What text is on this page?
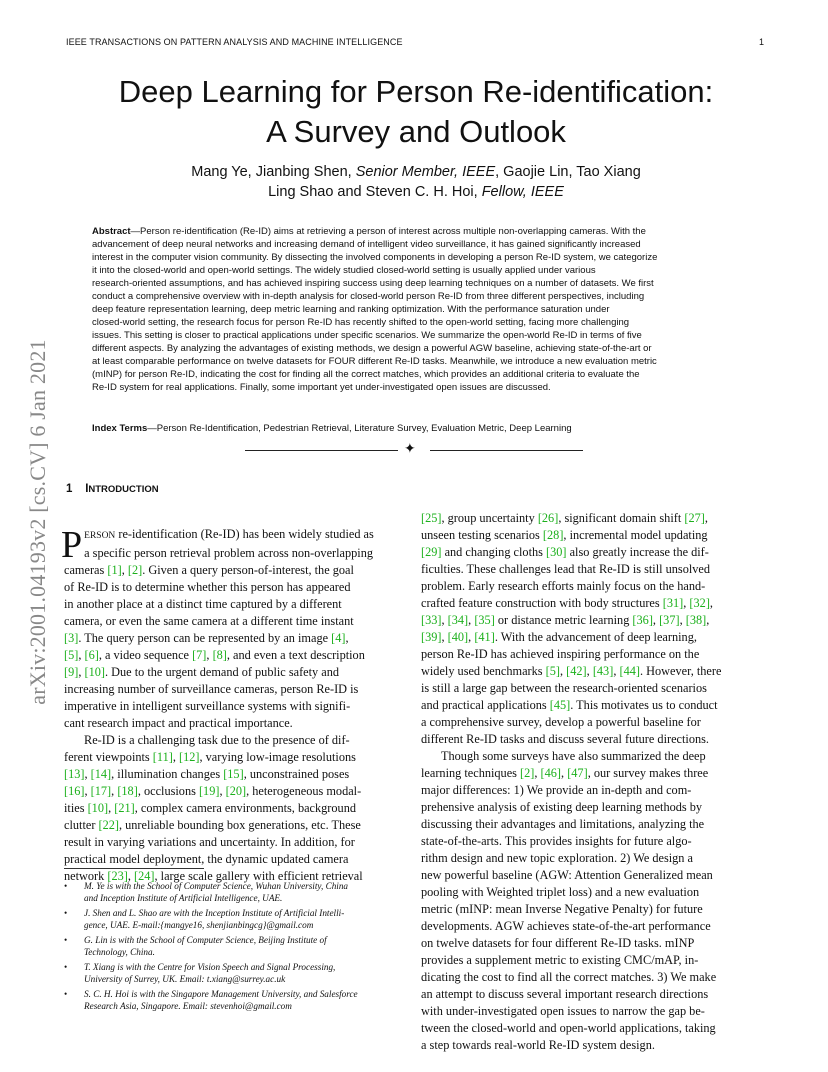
IEEE TRANSACTIONS ON PATTERN ANALYSIS AND MACHINE INTELLIGENCE	1
arXiv:2001.04193v2 [cs.CV] 6 Jan 2021
Deep Learning for Person Re-identification:
A Survey and Outlook
Mang Ye, Jianbing Shen, Senior Member, IEEE, Gaojie Lin, Tao Xiang
Ling Shao and Steven C. H. Hoi, Fellow, IEEE
Abstract—Person re-identification (Re-ID) aims at retrieving a person of interest across multiple non-overlapping cameras. With the
advancement of deep neural networks and increasing demand of intelligent video surveillance, it has gained significantly increased
interest in the computer vision community. By dissecting the involved components in developing a person Re-ID system, we categorize
it into the closed-world and open-world settings. The widely studied closed-world setting is usually applied under various
research-oriented assumptions, and has achieved inspiring success using deep learning techniques on a number of datasets. We first
conduct a comprehensive overview with in-depth analysis for closed-world person Re-ID from three different perspectives, including
deep feature representation learning, deep metric learning and ranking optimization. With the performance saturation under
closed-world setting, the research focus for person Re-ID has recently shifted to the open-world setting, facing more challenging
issues. This setting is closer to practical applications under specific scenarios. We summarize the open-world Re-ID in terms of five
different aspects. By analyzing the advantages of existing methods, we design a powerful AGW baseline, achieving state-of-the-art or
at least comparable performance on twelve datasets for FOUR different Re-ID tasks. Meanwhile, we introduce a new evaluation metric
(mINP) for person Re-ID, indicating the cost for finding all the correct matches, which provides an additional criteria to evaluate the
Re-ID system for real applications. Finally, some important yet under-investigated open issues are discussed.
Index Terms—Person Re-Identification, Pedestrian Retrieval, Literature Survey, Evaluation Metric, Deep Learning
✦
1 INTRODUCTION
PERSON re-identification (Re-ID) has been widely studied as
a specific person retrieval problem across non-overlapping
cameras [1], [2]. Given a query person-of-interest, the goal
of Re-ID is to determine whether this person has appeared
in another place at a distinct time captured by a different
camera, or even the same camera at a different time instant
[3]. The query person can be represented by an image [4],
[5], [6], a video sequence [7], [8], and even a text description
[9], [10]. Due to the urgent demand of public safety and
increasing number of surveillance cameras, person Re-ID is
imperative in intelligent surveillance systems with signifi-
cant research impact and practical importance.
Re-ID is a challenging task due to the presence of dif-
ferent viewpoints [11], [12], varying low-image resolutions
[13], [14], illumination changes [15], unconstrained poses
[16], [17], [18], occlusions [19], [20], heterogeneous modal-
ities [10], [21], complex camera environments, background
clutter [22], unreliable bounding box generations, etc. These
result in varying variations and uncertainty. In addition, for
practical model deployment, the dynamic updated camera
network [23], [24], large scale gallery with efficient retrieval
[25], group uncertainty [26], significant domain shift [27],
unseen testing scenarios [28], incremental model updating
[29] and changing cloths [30] also greatly increase the dif-
ficulties. These challenges lead that Re-ID is still unsolved
problem. Early research efforts mainly focus on the hand-
crafted feature construction with body structures [31], [32],
[33], [34], [35] or distance metric learning [36], [37], [38],
[39], [40], [41]. With the advancement of deep learning,
person Re-ID has achieved inspiring performance on the
widely used benchmarks [5], [42], [43], [44]. However, there
is still a large gap between the research-oriented scenarios
and practical applications [45]. This motivates us to conduct
a comprehensive survey, develop a powerful baseline for
different Re-ID tasks and discuss several future directions.
Though some surveys have also summarized the deep
learning techniques [2], [46], [47], our survey makes three
major differences: 1) We provide an in-depth and com-
prehensive analysis of existing deep learning methods by
discussing their advantages and limitations, analyzing the
state-of-the-arts. This provides insights for future algo-
rithm design and new topic exploration. 2) We design a
new powerful baseline (AGW: Attention Generalized mean
pooling with Weighted triplet loss) and a new evaluation
metric (mINP: mean Inverse Negative Penalty) for future
developments. AGW achieves state-of-the-art performance
on twelve datasets for four different Re-ID tasks. mINP
provides a supplement metric to existing CMC/mAP, in-
dicating the cost to find all the correct matches. 3) We make
an attempt to discuss several important research directions
with under-investigated open issues to narrow the gap be-
tween the closed-world and open-world applications, taking
a step towards real-world Re-ID system design.
• M. Ye is with the School of Computer Science, Wuhan University, China
and Inception Institute of Artificial Intelligence, UAE.
• J. Shen and L. Shao are with the Inception Institute of Artificial Intelli-
gence, UAE. E-mail:{mangye16, shenjianbingcg}@gmail.com
• G. Lin is with the School of Computer Science, Beijing Institute of
Technology, China.
• T. Xiang is with the Centre for Vision Speech and Signal Processing,
University of Surrey, UK. Email: t.xiang@surrey.ac.uk
• S. C. H. Hoi is with the Singapore Management University, and Salesforce
Research Asia, Singapore. Email: stevenhoi@gmail.com
